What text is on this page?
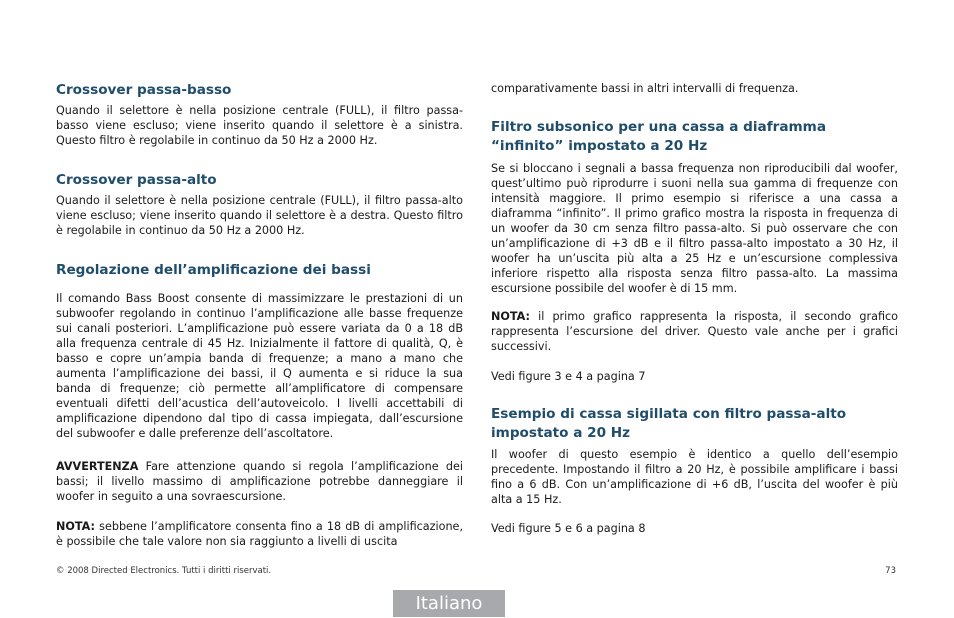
Crossover passa-basso

Quando il selettore è nella posizione centrale (FULL), il filtro passa-basso viene escluso; viene inserito quando il selettore è a sinistra. Questo filtro è regolabile in continuo da 50 Hz a 2000 Hz.

Crossover passa-alto

Quando il selettore è nella posizione centrale (FULL), il filtro passa-alto viene escluso; viene inserito quando il selettore è a destra. Questo filtro è regolabile in continuo da 50 Hz a 2000 Hz.

Regolazione dell’amplificazione dei bassi

Il comando Bass Boost consente di massimizzare le prestazioni di un subwoofer regolando in continuo l’amplificazione alle basse frequenze sui canali posteriori. L’amplificazione può essere variata da 0 a 18 dB alla frequenza centrale di 45 Hz. Inizialmente il fattore di qualità, Q, è basso e copre un’ampia banda di frequenze; a mano a mano che aumenta l’amplificazione dei bassi, il Q aumenta e si riduce la sua banda di frequenze; ciò permette all’amplificatore di compensare eventuali difetti dell’acustica dell’autoveicolo. I livelli accettabili di amplificazione dipendono dal tipo di cassa impiegata, dall’escursione del subwoofer e dalle preferenze dell’ascoltatore.

AVVERTENZA Fare attenzione quando si regola l’amplificazione dei bassi; il livello massimo di amplificazione potrebbe danneggiare il woofer in seguito a una sovraescursione.

NOTA: sebbene l’amplificatore consenta fino a 18 dB di amplificazione, è possibile che tale valore non sia raggiunto a livelli di uscita

comparativamente bassi in altri intervalli di frequenza.

Filtro subsonico per una cassa a diaframma “infinito” impostato a 20 Hz

Se si bloccano i segnali a bassa frequenza non riproducibili dal woofer, quest’ultimo può riprodurre i suoni nella sua gamma di frequenze con intensità maggiore. Il primo esempio si riferisce a una cassa a diaframma “infinito”. Il primo grafico mostra la risposta in frequenza di un woofer da 30 cm senza filtro passa-alto. Si può osservare che con un’amplificazione di +3 dB e il filtro passa-alto impostato a 30 Hz, il woofer ha un’uscita più alta a 25 Hz e un’escursione complessiva inferiore rispetto alla risposta senza filtro passa-alto. La massima escursione possibile del woofer è di 15 mm.

NOTA: il primo grafico rappresenta la risposta, il secondo grafico rappresenta l’escursione del driver. Questo vale anche per i grafici successivi.

Vedi figure 3 e 4 a pagina 7

Esempio di cassa sigillata con filtro passa-alto impostato a 20 Hz

Il woofer di questo esempio è identico a quello dell’esempio precedente. Impostando il filtro a 20 Hz, è possibile amplificare i bassi fino a 6 dB. Con un’amplificazione di +6 dB, l’uscita del woofer è più alta a 15 Hz.

Vedi figure 5 e 6 a pagina 8

© 2008 Directed Electronics. Tutti i diritti riservati.	73
Italiano
